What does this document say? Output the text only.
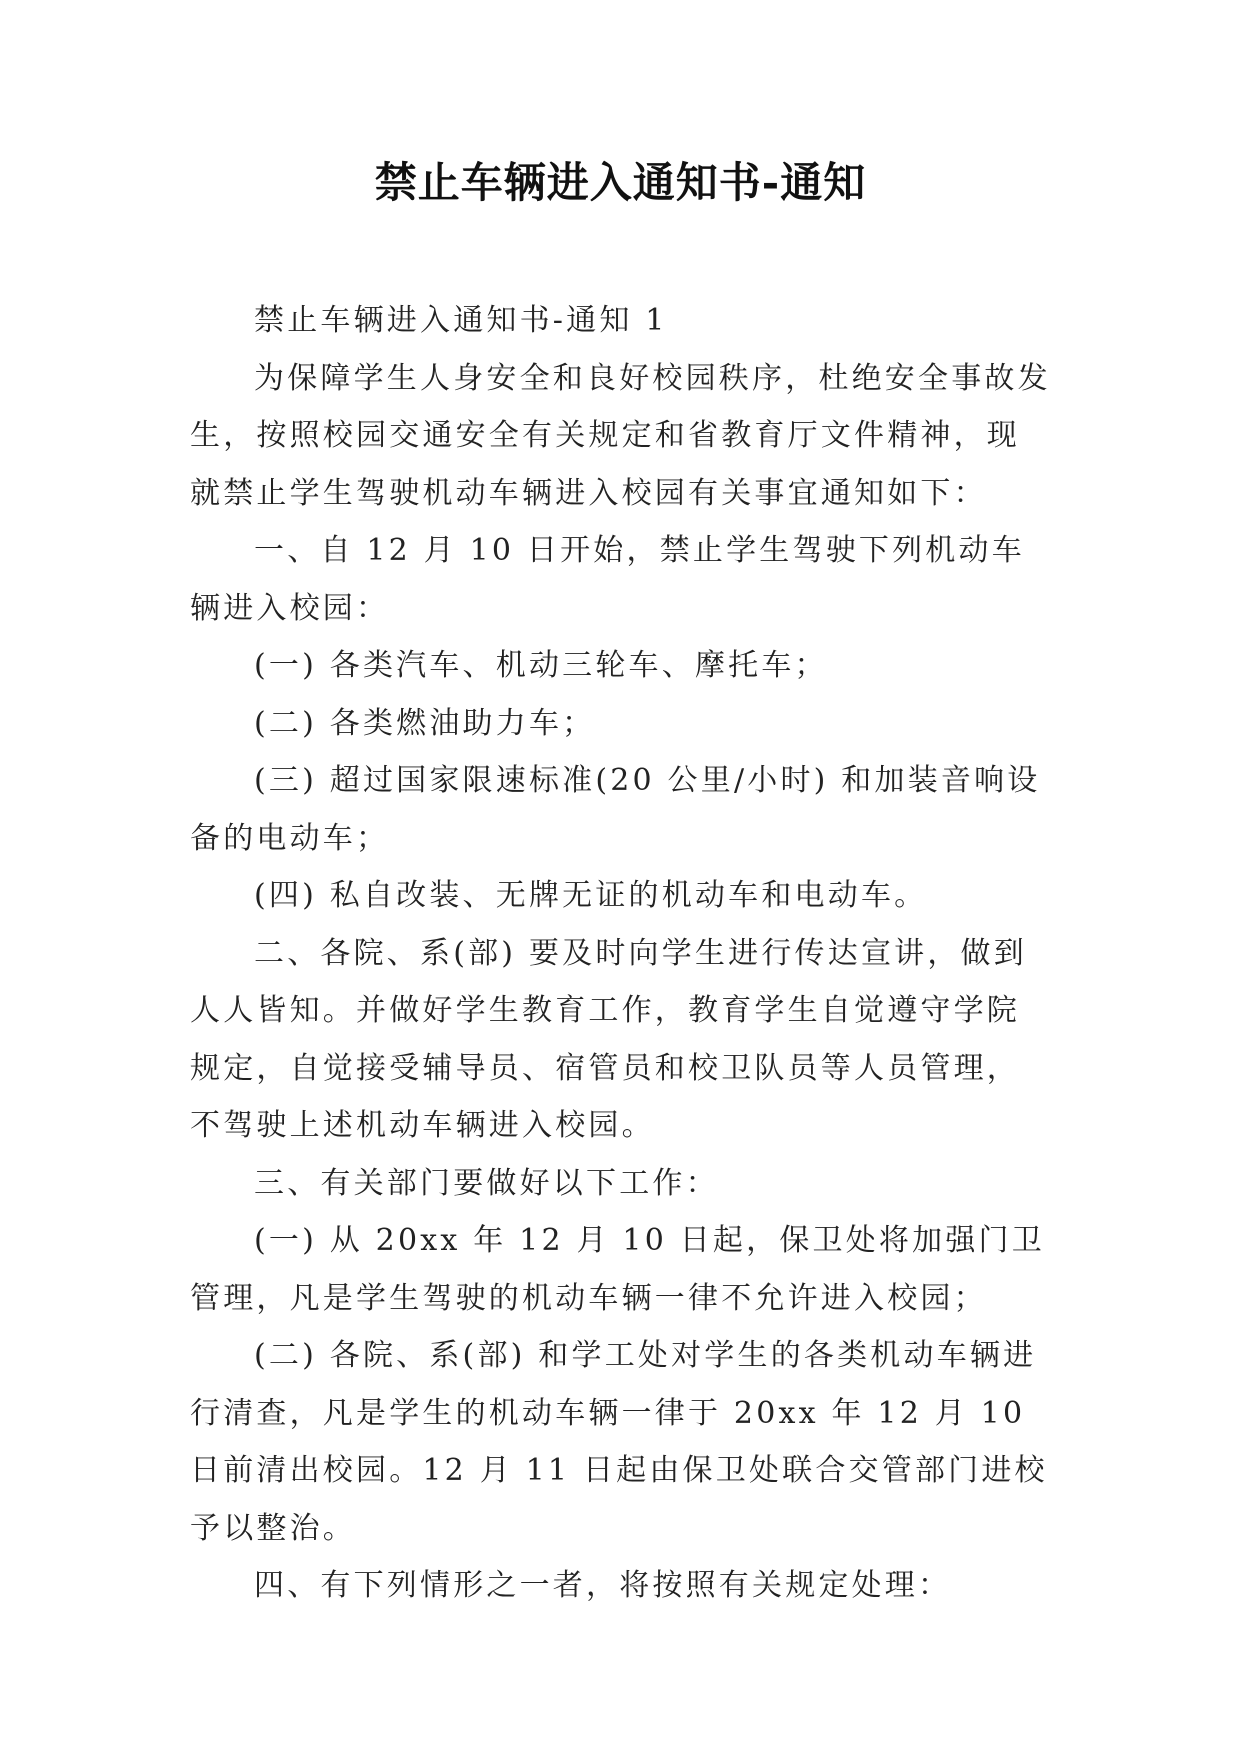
禁止车辆进入通知书-通知

禁止车辆进入通知书-通知 1

为保障学生人身安全和良好校园秩序，杜绝安全事故发生，按照校园交通安全有关规定和省教育厅文件精神，现就禁止学生驾驶机动车辆进入校园有关事宜通知如下：

一、自 12 月 10 日开始，禁止学生驾驶下列机动车辆进入校园：

(一) 各类汽车、机动三轮车、摩托车；

(二) 各类燃油助力车；

(三) 超过国家限速标准(20 公里/小时) 和加装音响设备的电动车；

(四) 私自改装、无牌无证的机动车和电动车。

二、各院、系(部) 要及时向学生进行传达宣讲，做到人人皆知。并做好学生教育工作，教育学生自觉遵守学院规定，自觉接受辅导员、宿管员和校卫队员等人员管理，不驾驶上述机动车辆进入校园。

三、有关部门要做好以下工作：

(一) 从 20xx 年 12 月 10 日起，保卫处将加强门卫管理，凡是学生驾驶的机动车辆一律不允许进入校园；

(二) 各院、系(部) 和学工处对学生的各类机动车辆进行清查，凡是学生的机动车辆一律于 20xx 年 12 月 10 日前清出校园。12 月 11 日起由保卫处联合交管部门进校予以整治。

四、有下列情形之一者，将按照有关规定处理：
